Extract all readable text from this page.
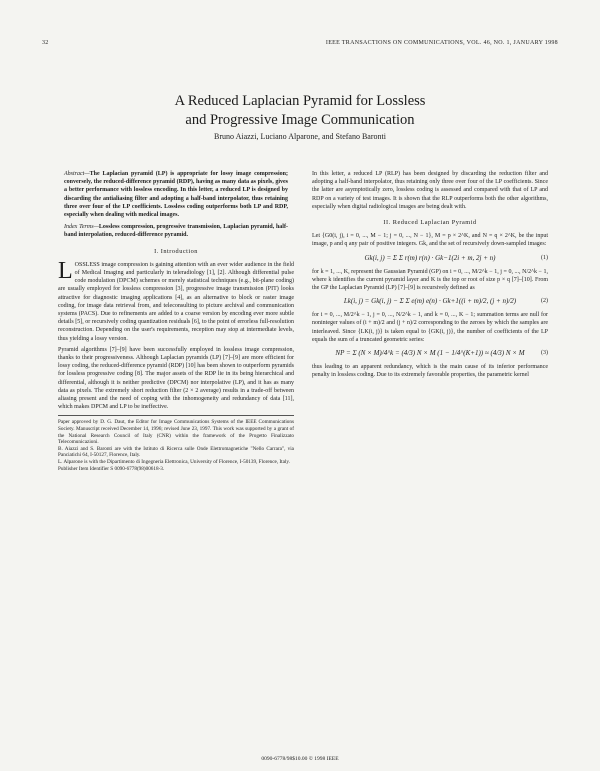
32	IEEE TRANSACTIONS ON COMMUNICATIONS, VOL. 46, NO. 1, JANUARY 1998
A Reduced Laplacian Pyramid for Lossless
and Progressive Image Communication
Bruno Aiazzi, Luciano Alparone, and Stefano Baronti

Abstract—The Laplacian pyramid (LP) is appropriate for lossy image compression; conversely, the reduced-difference pyramid (RDP), having as many data as pixels, gives a better performance with lossless encoding. In this letter, a reduced LP is designed by discarding the antialiasing filter and adopting a half-band interpolator, thus retaining three over four of the LP coefficients. Lossless coding outperforms both LP and RDP, especially when dealing with medical images.

Index Terms—Lossless compression, progressive transmission, Laplacian pyramid, half-band interpolation, reduced-difference pyramid.

I. Introduction

LOSSLESS image compression is gaining attention with an ever wider audience in the field of Medical Imaging and particularly in teleradiology [1], [2]. Although differential pulse code modulation (DPCM) schemes or merely statistical techniques (e.g., bit-plane coding) are usually employed for lossless compression [3], progressive image transmission (PIT) looks attractive for diagnostic imaging applications [4], as an alternative to block or raster image coding, for image data retrieval from, and teleconsulting to picture archival and communication systems (PACS). Due to refinements are added to a coarse version by encoding ever more subtle details [5], or recursively coding quantization residuals [6], to the point of errorless full-resolution reconstruction. Depending on the user's requirements, reception may stop at intermediate levels, thus yielding a lossy version.

Pyramid algorithms [7]–[9] have been successfully employed in lossless image compression, thanks to their progressiveness. Although Laplacian pyramids (LP) [7]–[9] are more efficient for lossy coding, the reduced-difference pyramid (RDP) [10] has been shown to outperform pyramids for lossless progressive coding [8]. The major assets of the RDP lie in its being hierarchical and differential, although it is neither predictive (DPCM) nor interpolative (LP), and it has as many data as pixels. The extremely short reduction filter (2 × 2 average) results in a trade-off between aliasing present and the need of coping with the inhomogeneity and redundancy of data [11], which makes DPCM and LP to be ineffective.

Paper approved by D. G. Daut, the Editor for Image Communications Systems of the IEEE Communications Society. Manuscript received December 14, 1996; revised June 23, 1997. This work was supported by a grant of the National Research Council of Italy (CNR) within the framework of the Progetto Finalizzato Telecomunicazioni.
B. Aiazzi and S. Baronti are with the Istituto di Ricerca sulle Onde Elettromagnetiche "Nello Carrara", via Panciatichi 64, I-50127, Florence, Italy.
L. Alparone is with the Dipartimento di Ingegneria Elettronica, University of Florence, I-50139, Florence, Italy.
Publisher Item Identifier S 0090-6778(98)00618-3.

In this letter, a reduced LP (RLP) has been designed by discarding the reduction filter and adopting a half-band interpolator, thus retaining only three over four of the LP coefficients. Since the latter are asymptotically zero, lossless coding is assessed and compared with that of LP and RDP on a variety of test images. It is shown that the RLP outperforms both the other algorithms, especially when digital radiological images are being dealt with.

II. Reduced Laplacian Pyramid

Let {G0(i, j), i = 0, ..., M − 1; j = 0, ..., N − 1}, M = p × 2^K, and N = q × 2^K, be the input image, p and q any pair of positive integers. Gk, and the set of recursively down-sampled images:

Gk(i, j) = Σ Σ r(m) r(n) · Gk−1(2i + m, 2j + n)	(1)

for k = 1, ..., K, represent the Gaussian Pyramid (GP) on i = 0, ..., M/2^k − 1, j = 0, ..., N/2^k − 1, where k identifies the current pyramid layer and K is the top or root of size p × q [7]–[10]. From the GP the Laplacian Pyramid (LP) [7]–[9] is recursively defined as

Lk(i, j) = Gk(i, j) − Σ Σ e(m) e(n) · Gk+1((i + m)/2, (j + n)/2)	(2)

for i = 0, ..., M/2^k − 1, j = 0, ..., N/2^k − 1, and k = 0, ..., K − 1; summation terms are null for noninteger values of (i + m)/2 and (j + n)/2 corresponding to the zeroes by which the samples are interleaved. Since {LK(i, j)} is taken equal to {GK(i, j)}, the number of coefficients of the LP equals the sum of a truncated geometric series:

NP = Σ (N × M)/4^k = (4/3) N × M (1 − 1/4^(K+1)) ≈ (4/3) N × M	(3)

thus leading to an apparent redundancy, which is the main cause of its inferior performance penalty in lossless coding. Due to its extremely favorable properties, the parametric kernel

0090-6778/98$10.00 © 1998 IEEE
